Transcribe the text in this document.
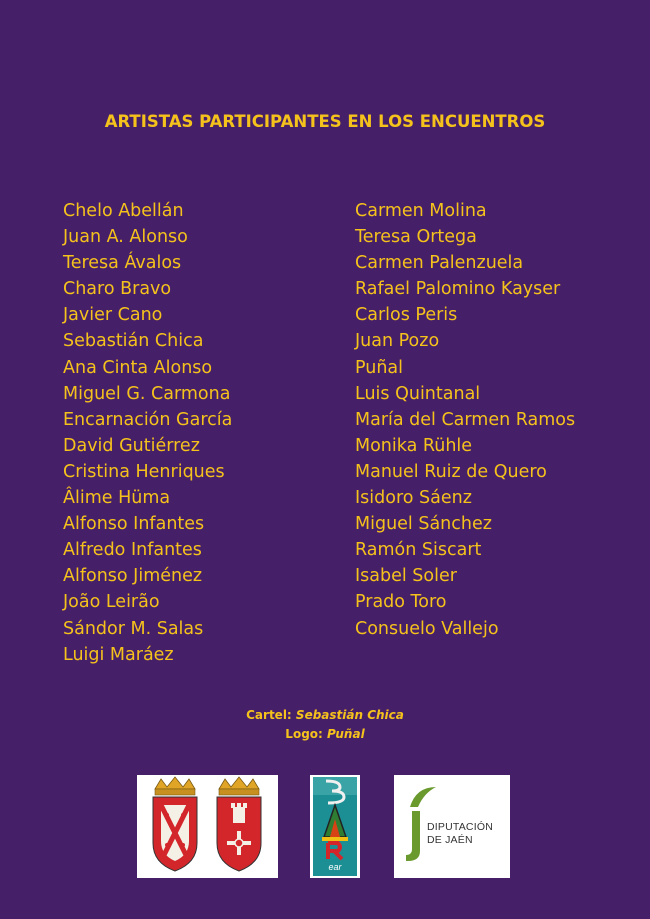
ARTISTAS PARTICIPANTES EN LOS ENCUENTROS
Chelo Abellán
Juan A. Alonso
Teresa Ávalos
Charo Bravo
Javier Cano
Sebastián Chica
Ana Cinta Alonso
Miguel G. Carmona
Encarnación García
David Gutiérrez
Cristina Henriques
Âlime Hüma
Alfonso Infantes
Alfredo Infantes
Alfonso Jiménez
João Leirão
Sándor M. Salas
Luigi Maráez
Carmen Molina
Teresa Ortega
Carmen Palenzuela
Rafael Palomino Kayser
Carlos Peris
Juan Pozo
Puñal
Luis Quintanal
María del Carmen Ramos
Monika Rühle
Manuel Ruiz de Quero
Isidoro Sáenz
Miguel Sánchez
Ramón Siscart
Isabel Soler
Prado Toro
Consuelo Vallejo
Cartel: Sebastián Chica
Logo: Puñal
ear
DIPUTACIÓN
DE JAÉN
